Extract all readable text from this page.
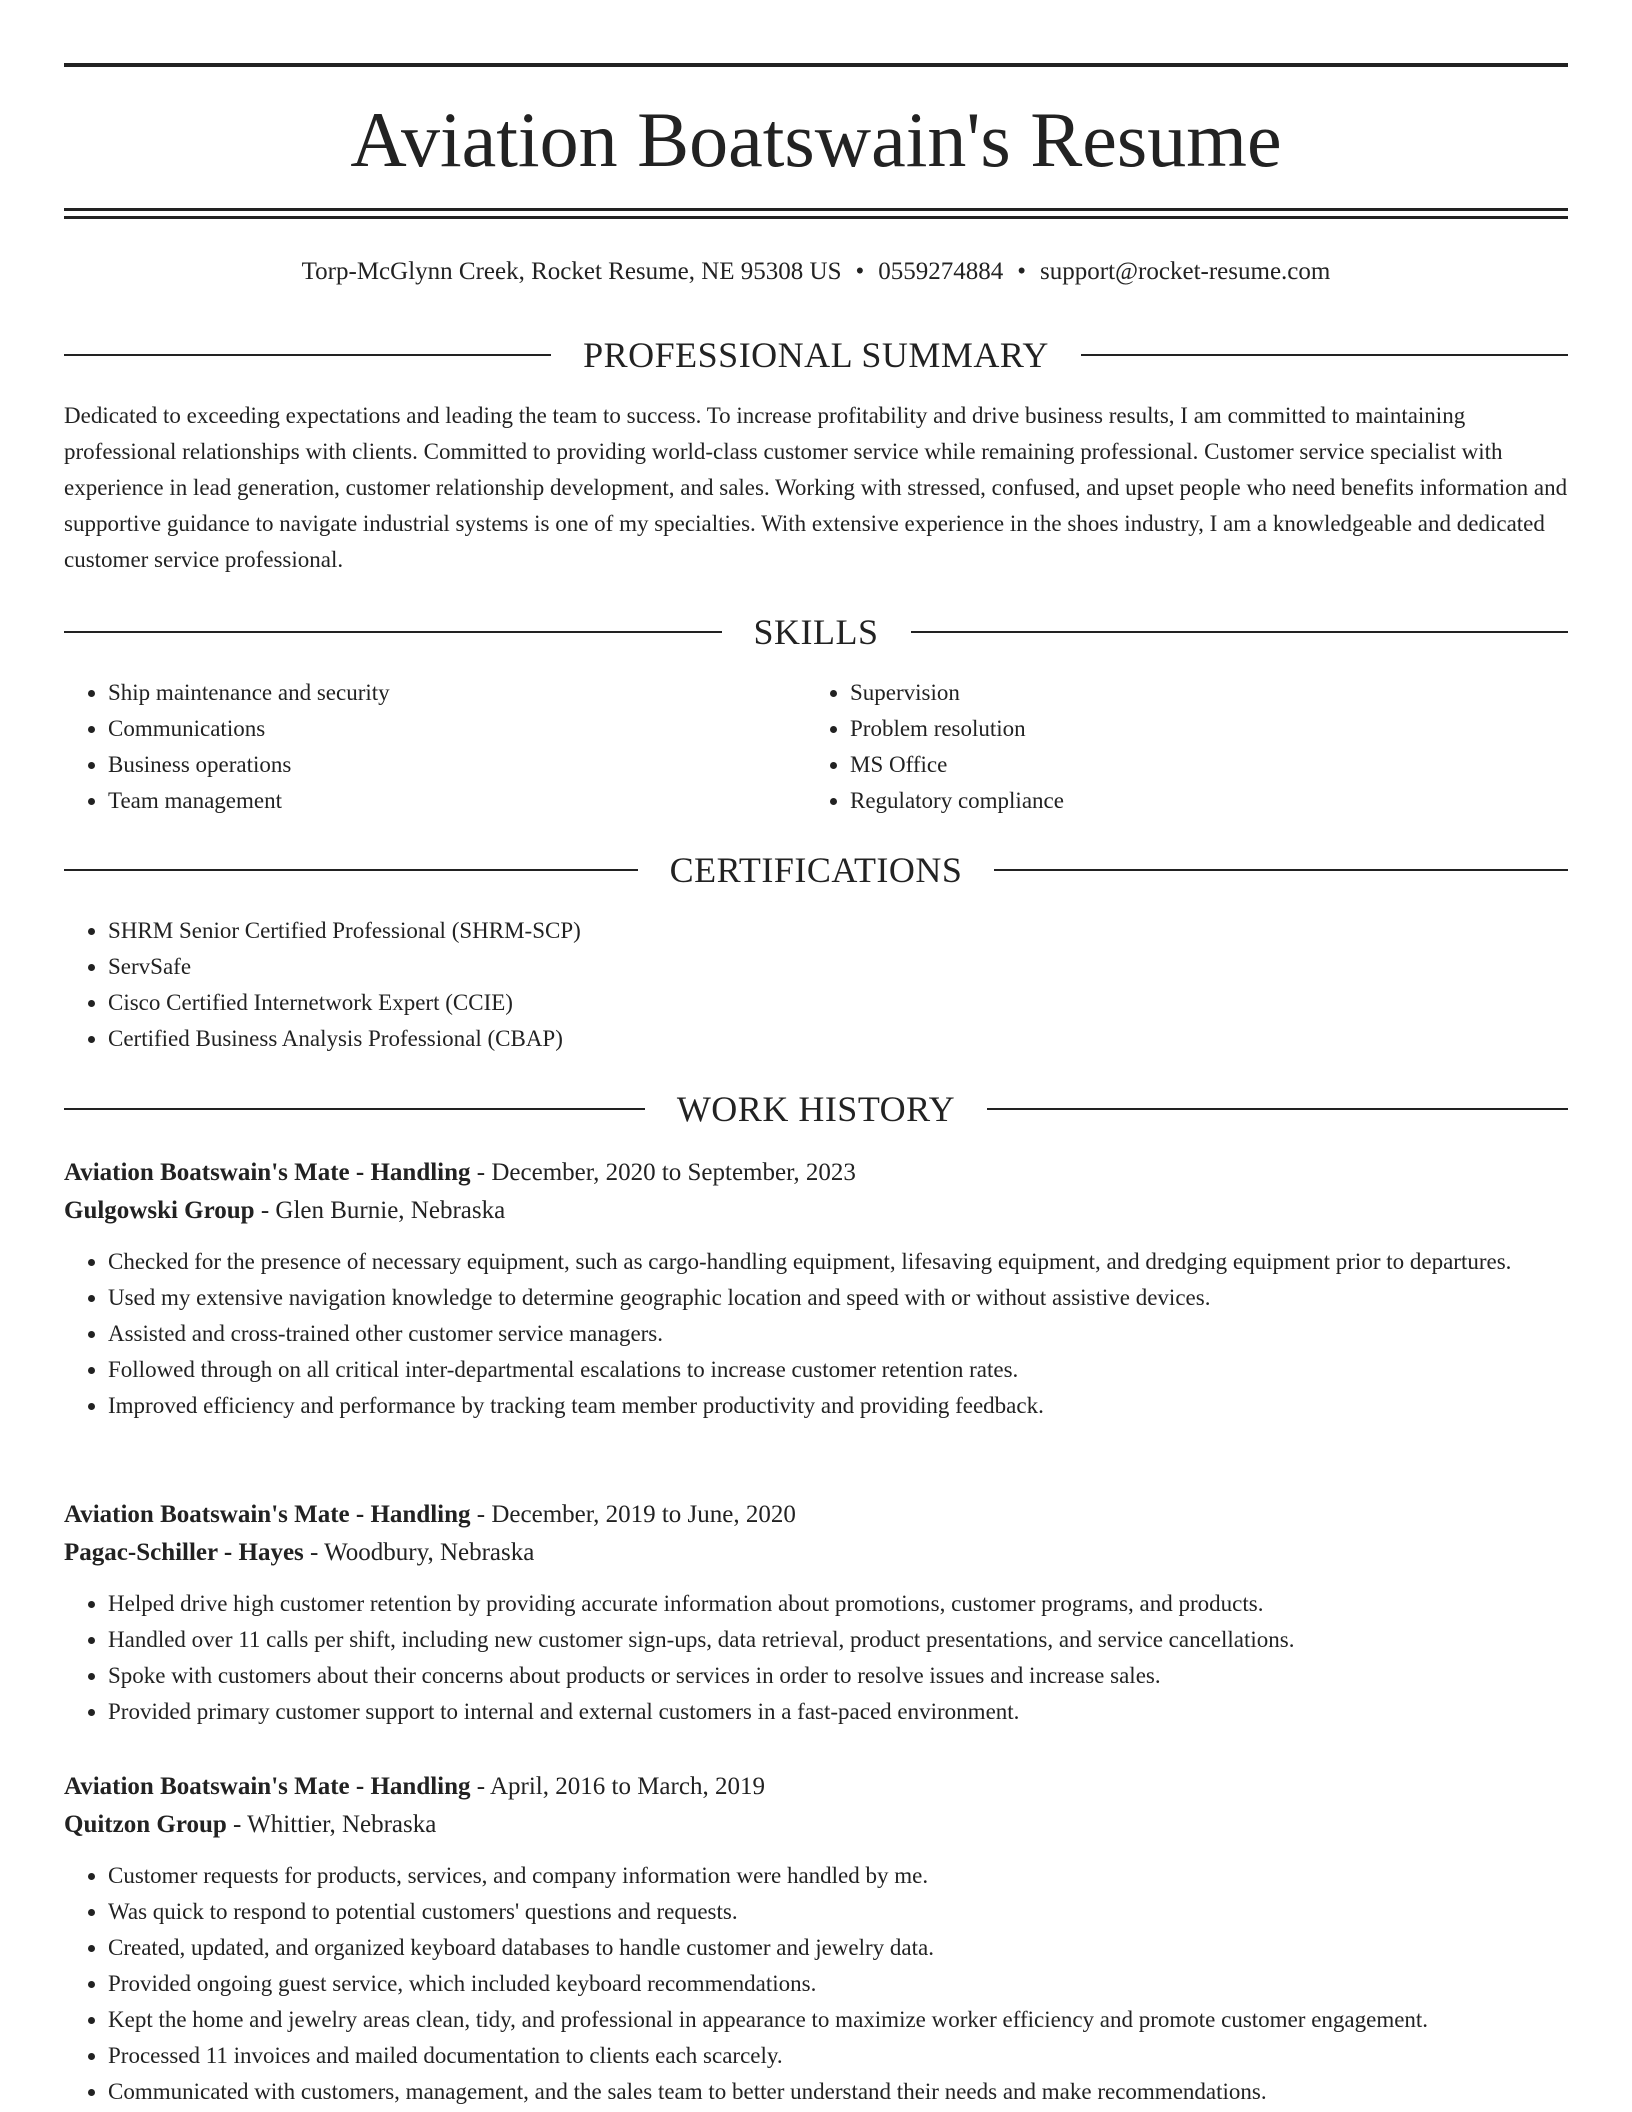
Aviation Boatswain's Resume
Torp-McGlynn Creek, Rocket Resume, NE 95308 US • 0559274884 • support@rocket-resume.com
PROFESSIONAL SUMMARY

Dedicated to exceeding expectations and leading the team to success. To increase profitability and drive business results, I am committed to maintaining professional relationships with clients. Committed to providing world-class customer service while remaining professional. Customer service specialist with experience in lead generation, customer relationship development, and sales. Working with stressed, confused, and upset people who need benefits information and supportive guidance to navigate industrial systems is one of my specialties. With extensive experience in the shoes industry, I am a knowledgeable and dedicated customer service professional.

SKILLS
• Ship maintenance and security
• Communications
• Business operations
• Team management
• Supervision
• Problem resolution
• MS Office
• Regulatory compliance
CERTIFICATIONS
• SHRM Senior Certified Professional (SHRM-SCP)
• ServSafe
• Cisco Certified Internetwork Expert (CCIE)
• Certified Business Analysis Professional (CBAP)
WORK HISTORY
Aviation Boatswain's Mate - Handling - December, 2020 to September, 2023
Gulgowski Group - Glen Burnie, Nebraska
• Checked for the presence of necessary equipment, such as cargo-handling equipment, lifesaving equipment, and dredging equipment prior to departures.
• Used my extensive navigation knowledge to determine geographic location and speed with or without assistive devices.
• Assisted and cross-trained other customer service managers.
• Followed through on all critical inter-departmental escalations to increase customer retention rates.
• Improved efficiency and performance by tracking team member productivity and providing feedback.
Aviation Boatswain's Mate - Handling - December, 2019 to June, 2020
Pagac-Schiller - Hayes - Woodbury, Nebraska
• Helped drive high customer retention by providing accurate information about promotions, customer programs, and products.
• Handled over 11 calls per shift, including new customer sign-ups, data retrieval, product presentations, and service cancellations.
• Spoke with customers about their concerns about products or services in order to resolve issues and increase sales.
• Provided primary customer support to internal and external customers in a fast-paced environment.
Aviation Boatswain's Mate - Handling - April, 2016 to March, 2019
Quitzon Group - Whittier, Nebraska
• Customer requests for products, services, and company information were handled by me.
• Was quick to respond to potential customers' questions and requests.
• Created, updated, and organized keyboard databases to handle customer and jewelry data.
• Provided ongoing guest service, which included keyboard recommendations.
• Kept the home and jewelry areas clean, tidy, and professional in appearance to maximize worker efficiency and promote customer engagement.
• Processed 11 invoices and mailed documentation to clients each scarcely.
• Communicated with customers, management, and the sales team to better understand their needs and make recommendations.
